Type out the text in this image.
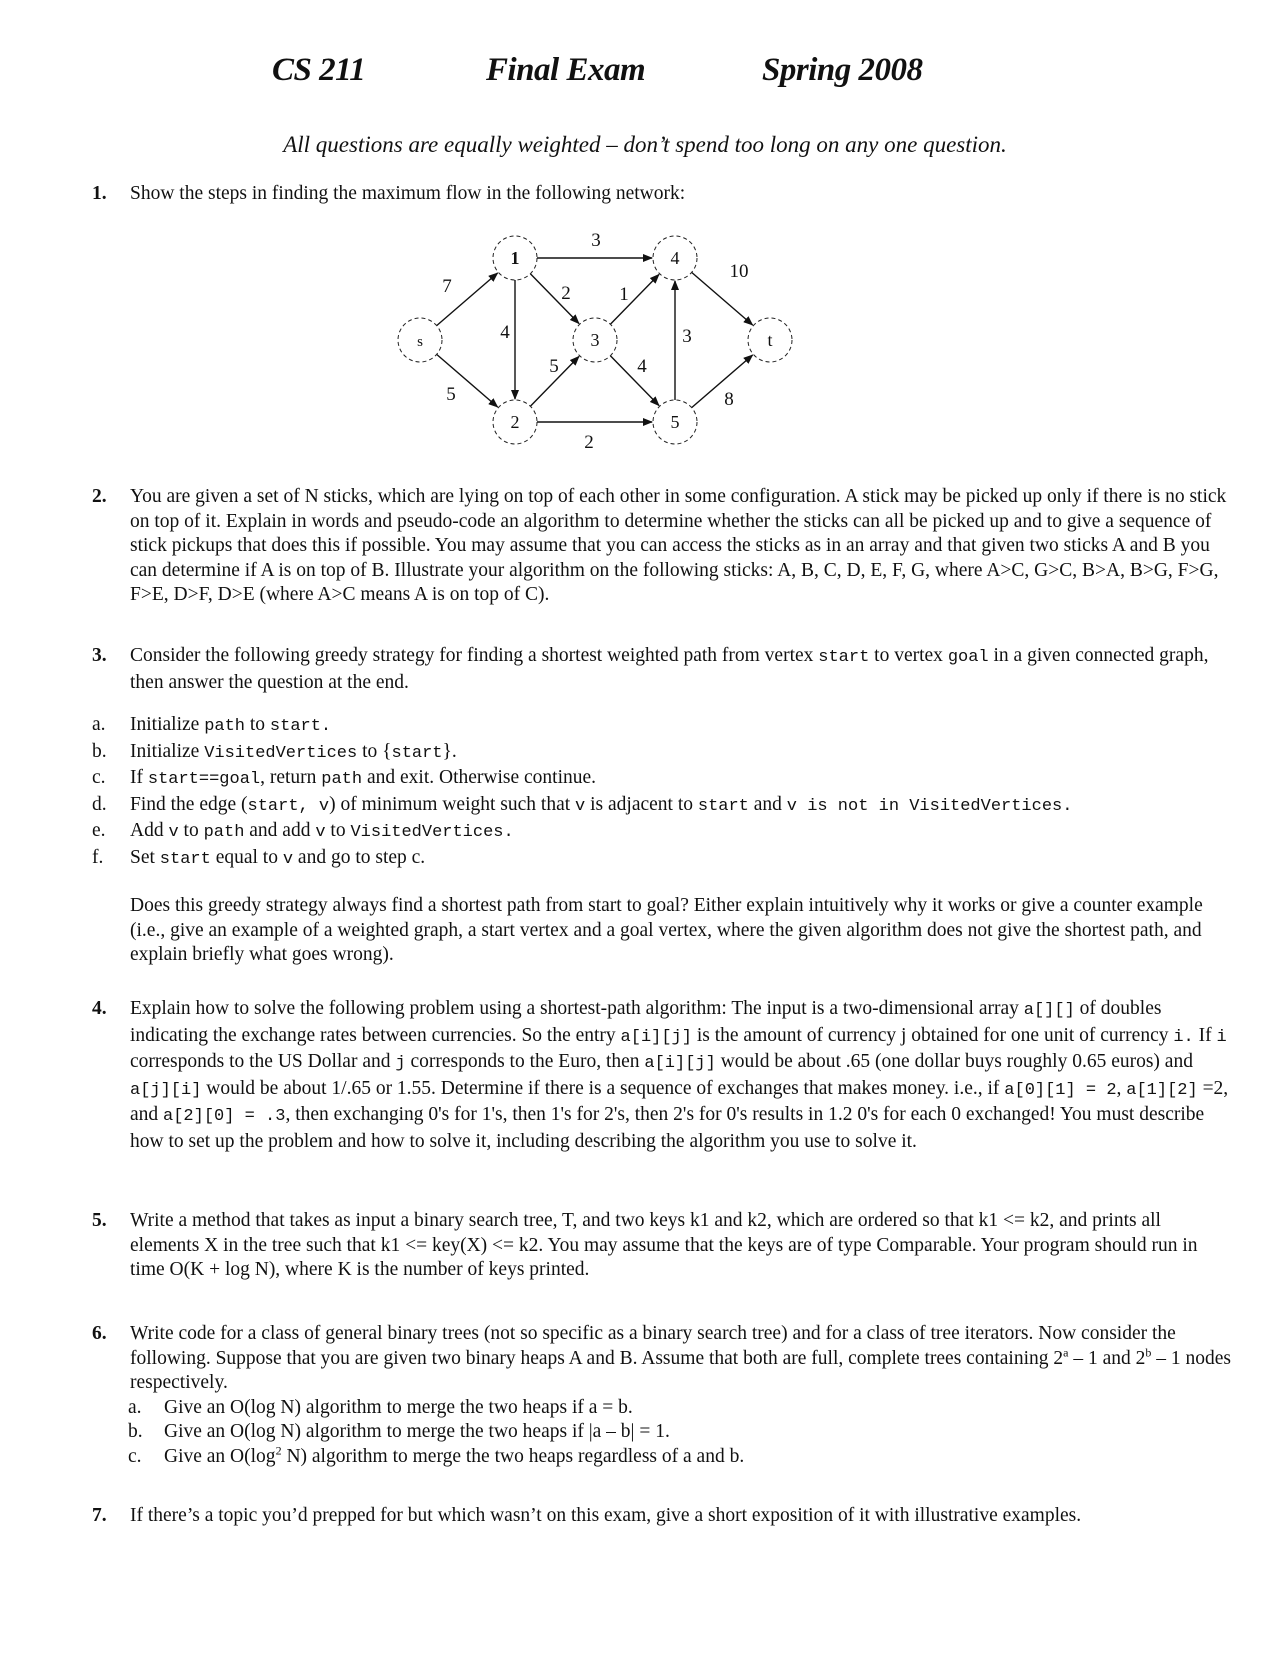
CS 211	Final Exam	Spring 2008
All questions are equally weighted – don’t spend too long on any one question.
1. Show the steps in finding the maximum flow in the following network:
s
1
2
3
4
5
t
7
5
3
4
2
5
2
1
4
3
10
8
2. You are given a set of N sticks, which are lying on top of each other in some configuration. A stick may be picked up only if there is no stick on top of it. Explain in words and pseudo-code an algorithm to determine whether the sticks can all be picked up and to give a sequence of stick pickups that does this if possible. You may assume that you can access the sticks as in an array and that given two sticks A and B you can determine if A is on top of B. Illustrate your algorithm on the following sticks: A, B, C, D, E, F, G, where A>C, G>C, B>A, B>G, F>G, F>E, D>F, D>E (where A>C means A is on top of C).
3. Consider the following greedy strategy for finding a shortest weighted path from vertex start to vertex goal in a given connected graph, then answer the question at the end.
a. Initialize path to start.
b. Initialize VisitedVertices to {start}.
c. If start==goal, return path and exit. Otherwise continue.
d. Find the edge (start, v) of minimum weight such that v is adjacent to start and v is not in VisitedVertices.
e. Add v to path and add v to VisitedVertices.
f. Set start equal to v and go to step c.
Does this greedy strategy always find a shortest path from start to goal? Either explain intuitively why it works or give a counter example (i.e., give an example of a weighted graph, a start vertex and a goal vertex, where the given algorithm does not give the shortest path, and explain briefly what goes wrong).
4. Explain how to solve the following problem using a shortest-path algorithm: The input is a two-dimensional array a[][] of doubles indicating the exchange rates between currencies. So the entry a[i][j] is the amount of currency j obtained for one unit of currency i. If i corresponds to the US Dollar and j corresponds to the Euro, then a[i][j] would be about .65 (one dollar buys roughly 0.65 euros) and a[j][i] would be about 1/.65 or 1.55. Determine if there is a sequence of exchanges that makes money. i.e., if a[0][1] = 2, a[1][2] =2, and a[2][0] = .3, then exchanging 0's for 1's, then 1's for 2's, then 2's for 0's results in 1.2 0's for each 0 exchanged! You must describe how to set up the problem and how to solve it, including describing the algorithm you use to solve it.
5. Write a method that takes as input a binary search tree, T, and two keys k1 and k2, which are ordered so that k1 <= k2, and prints all elements X in the tree such that k1 <= key(X) <= k2. You may assume that the keys are of type Comparable. Your program should run in time O(K + log N), where K is the number of keys printed.
6. Write code for a class of general binary trees (not so specific as a binary search tree) and for a class of tree iterators. Now consider the following. Suppose that you are given two binary heaps A and B. Assume that both are full, complete trees containing 2$^a$ – 1 and 2$^b$ – 1 nodes respectively.
a. Give an O(log N) algorithm to merge the two heaps if a = b.
b. Give an O(log N) algorithm to merge the two heaps if |a – b| = 1.
c. Give an $O(\log^2$ N) algorithm to merge the two heaps regardless of a and b.
7. If there’s a topic you’d prepped for but which wasn’t on this exam, give a short exposition of it with illustrative examples.
